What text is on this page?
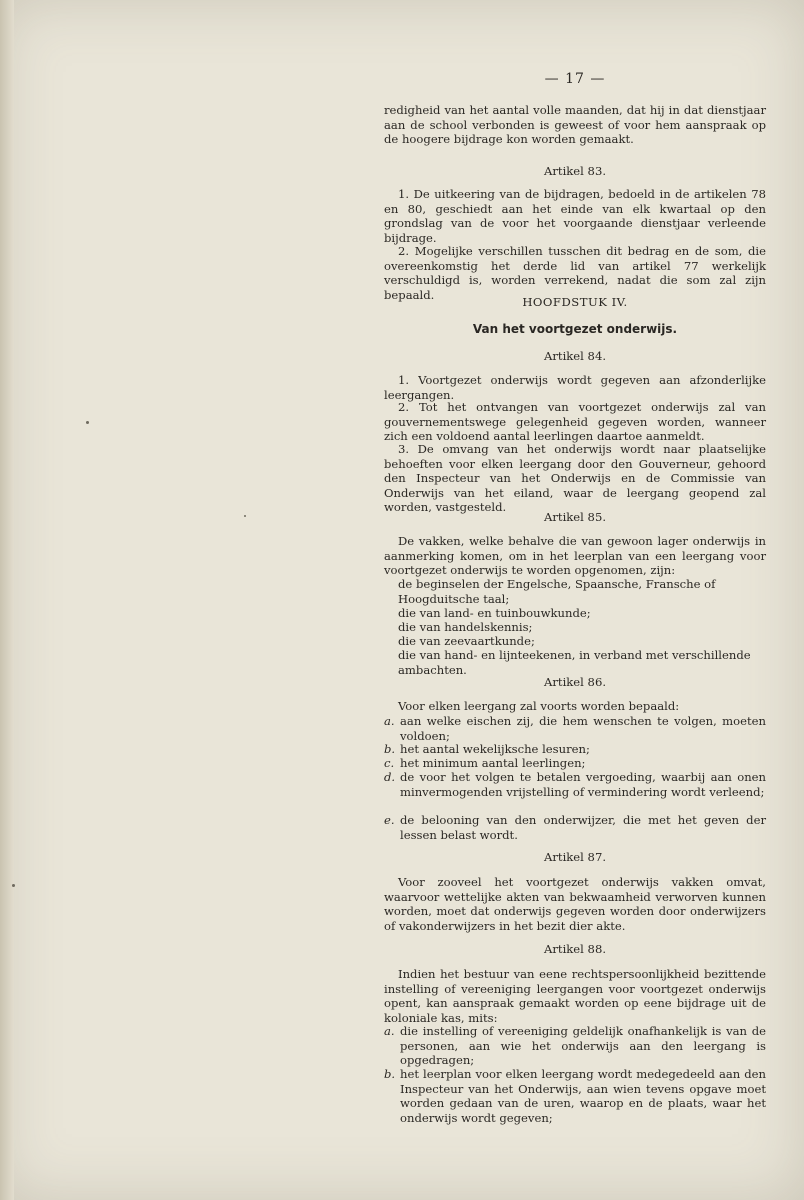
— 17 —

redigheid van het aantal volle maanden, dat hij in dat dienstjaar aan de school verbonden is geweest of voor hem aanspraak op de hoogere bijdrage kon worden gemaakt.

Artikel 83.

1. De uitkeering van de bijdragen, bedoeld in de artikelen 78 en 80, geschiedt aan het einde van elk kwartaal op den grondslag van de voor het voorgaande dienstjaar verleende bijdrage.

2. Mogelijke verschillen tusschen dit bedrag en de som, die overeenkomstig het derde lid van artikel 77 werkelijk verschuldigd is, worden verrekend, nadat die som zal zijn bepaald.

HOOFDSTUK IV.

Van het voortgezet onderwijs.

Artikel 84.

1. Voortgezet onderwijs wordt gegeven aan afzonderlijke leergangen.

2. Tot het ontvangen van voortgezet onderwijs zal van gouvernementswege gelegenheid gegeven worden, wanneer zich een voldoend aantal leerlingen daartoe aanmeldt.

3. De omvang van het onderwijs wordt naar plaatselijke behoeften voor elken leergang door den Gouverneur, gehoord den Inspecteur van het Onderwijs en de Commissie van Onderwijs van het eiland, waar de leergang geopend zal worden, vastgesteld.

Artikel 85.

De vakken, welke behalve die van gewoon lager onderwijs in aanmerking komen, om in het leerplan van een leergang voor voortgezet onderwijs te worden opgenomen, zijn:

de beginselen der Engelsche, Spaansche, Fransche of Hoogduitsche taal;

die van land- en tuinbouwkunde;

die van handelskennis;

die van zeevaartkunde;

die van hand- en lijnteekenen, in verband met verschillende ambachten.

Artikel 86.

Voor elken leergang zal voorts worden bepaald:

a. aan welke eischen zij, die hem wenschen te volgen, moeten voldoen;
b. het aantal wekelijksche lesuren;
c. het minimum aantal leerlingen;
d. de voor het volgen te betalen vergoeding, waarbij aan onen minvermogenden vrijstelling of vermindering wordt verleend;
e. de belooning van den onderwijzer, die met het geven der lessen belast wordt.

Artikel 87.

Voor zooveel het voortgezet onderwijs vakken omvat, waarvoor wettelijke akten van bekwaamheid verworven kunnen worden, moet dat onderwijs gegeven worden door onderwijzers of vakonderwijzers in het bezit dier akte.

Artikel 88.

Indien het bestuur van eene rechtspersoonlijkheid bezittende instelling of vereeniging leergangen voor voortgezet onderwijs opent, kan aanspraak gemaakt worden op eene bijdrage uit de koloniale kas, mits:

a. die instelling of vereeniging geldelijk onafhankelijk is van de personen, aan wie het onderwijs aan den leergang is opgedragen;
b. het leerplan voor elken leergang wordt medegedeeld aan den Inspecteur van het Onderwijs, aan wien tevens opgave moet worden gedaan van de uren, waarop en de plaats, waar het onderwijs wordt gegeven;
